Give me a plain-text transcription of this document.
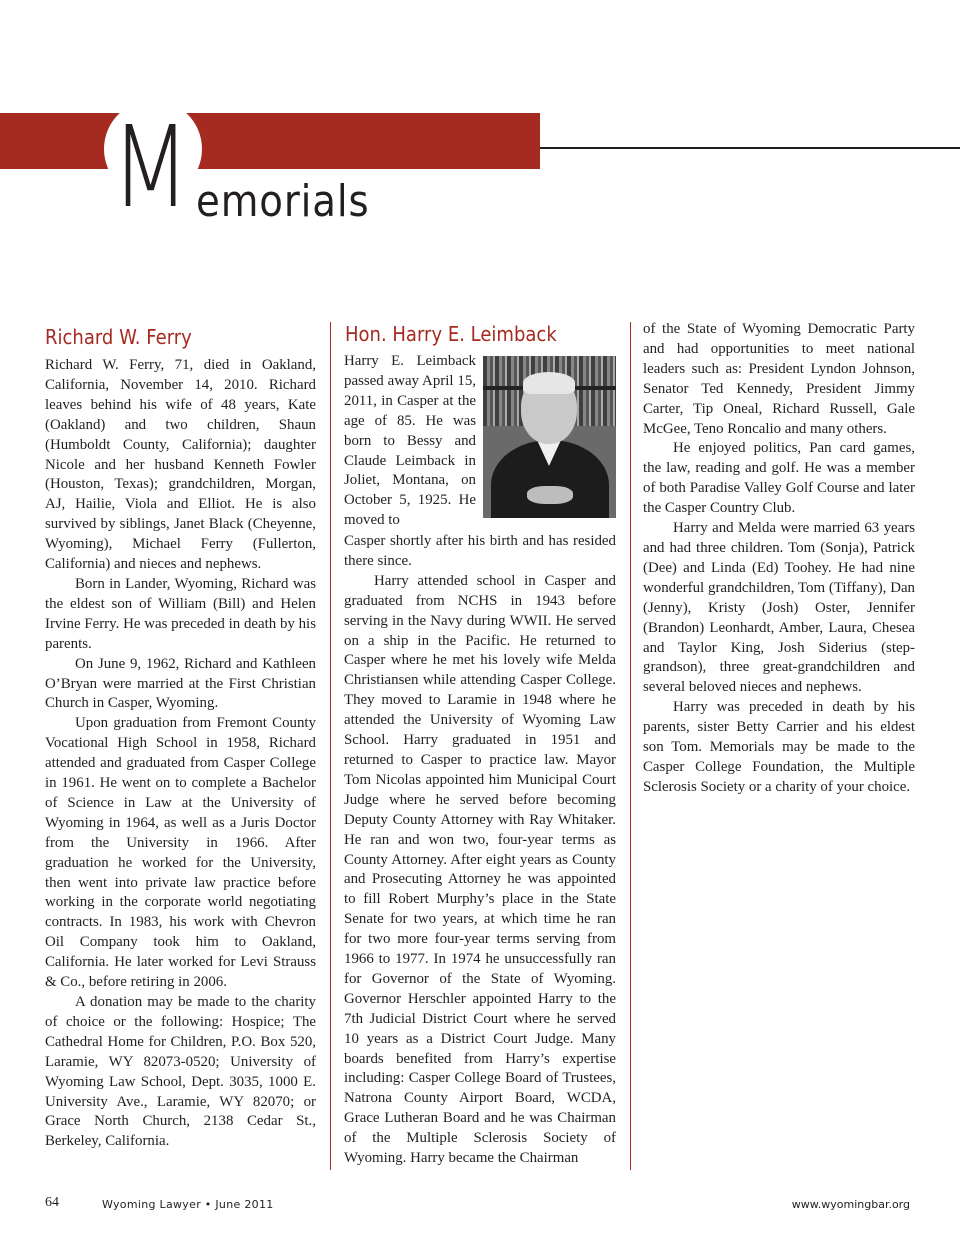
M emorials
Richard W. Ferry

Richard W. Ferry, 71, died in Oakland, California, November 14, 2010. Richard leaves behind his wife of 48 years, Kate (Oakland) and two children, Shaun (Humboldt County, California); daughter Nicole and her husband Kenneth Fowler (Houston, Texas); grandchildren, Morgan, AJ, Hailie, Viola and Elliot. He is also survived by siblings, Janet Black (Cheyenne, Wyoming), Michael Ferry (Fullerton, California) and nieces and nephews.

Born in Lander, Wyoming, Richard was the eldest son of William (Bill) and Helen Irvine Ferry. He was preceded in death by his parents.

On June 9, 1962, Richard and Kathleen O’Bryan were married at the First Christian Church in Casper, Wyoming.

Upon graduation from Fremont County Vocational High School in 1958, Richard attended and graduated from Casper College in 1961. He went on to complete a Bachelor of Science in Law at the University of Wyoming in 1964, as well as a Juris Doctor from the University in 1966. After graduation he worked for the University, then went into private law practice before working in the corporate world negotiating contracts. In 1983, his work with Chevron Oil Company took him to Oakland, California. He later worked for Levi Strauss & Co., before retiring in 2006.

A donation may be made to the charity of choice or the following: Hospice; The Cathedral Home for Children, P.O. Box 520, Laramie, WY 82073-0520; University of Wyoming Law School, Dept. 3035, 1000 E. University Ave., Laramie, WY 82070; or Grace North Church, 2138 Cedar St., Berkeley, California.

Hon. Harry E. Leimback
Harry E. Leimback passed away April 15, 2011, in Casper at the age of 85. He was born to Bessy and Claude Leimback in Joliet, Montana, on October 5, 1925. He moved to

Casper shortly after his birth and has resided there since.

Harry attended school in Casper and graduated from NCHS in 1943 before serving in the Navy during WWII. He served on a ship in the Pacific. He returned to Casper where he met his lovely wife Melda Christiansen while attending Casper College. They moved to Laramie in 1948 where he attended the University of Wyoming Law School. Harry graduated in 1951 and returned to Casper to practice law. Mayor Tom Nicolas appointed him Municipal Court Judge where he served before becoming Deputy County Attorney with Ray Whitaker. He ran and won two, four-year terms as County Attorney. After eight years as County and Prosecuting Attorney he was appointed to fill Robert Murphy’s place in the State Senate for two years, at which time he ran for two more four-year terms serving from 1966 to 1977. In 1974 he unsuccessfully ran for Governor of the State of Wyoming. Governor Herschler appointed Harry to the 7th Judicial District Court where he served 10 years as a District Court Judge. Many boards benefited from Harry’s expertise including: Casper College Board of Trustees, Natrona County Airport Board, WCDA, Grace Lutheran Board and he was Chairman of the Multiple Sclerosis Society of Wyoming. Harry became the Chairman

of the State of Wyoming Democratic Party and had opportunities to meet national leaders such as: President Lyndon Johnson, Senator Ted Kennedy, President Jimmy Carter, Tip Oneal, Richard Russell, Gale McGee, Teno Roncalio and many others.

He enjoyed politics, Pan card games, the law, reading and golf. He was a member of both Paradise Valley Golf Course and later the Casper Country Club.

Harry and Melda were married 63 years and had three children. Tom (Sonja), Patrick (Dee) and Linda (Ed) Toohey. He had nine wonderful grandchildren, Tom (Tiffany), Dan (Jenny), Kristy (Josh) Oster, Jennifer (Brandon) Leonhardt, Amber, Laura, Chesea and Taylor King, Josh Siderius (step-grandson), three great-grandchildren and several beloved nieces and nephews.

Harry was preceded in death by his parents, sister Betty Carrier and his eldest son Tom. Memorials may be made to the Casper College Foundation, the Multiple Sclerosis Society or a charity of your choice.

64	Wyoming Lawyer • June 2011	www.wyomingbar.org
